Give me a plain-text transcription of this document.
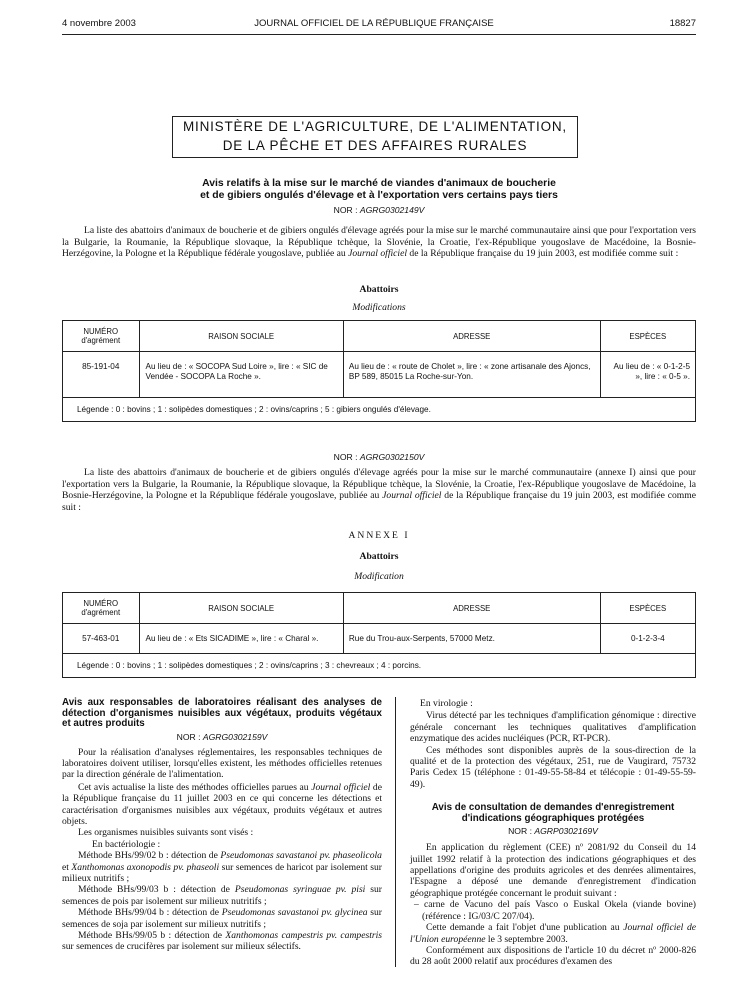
4 novembre 2003	JOURNAL OFFICIEL DE LA RÉPUBLIQUE FRANÇAISE	18827
MINISTÈRE DE L'AGRICULTURE, DE L'ALIMENTATION,
DE LA PÊCHE ET DES AFFAIRES RURALES
Avis relatifs à la mise sur le marché de viandes d'animaux de boucherie
et de gibiers ongulés d'élevage et à l'exportation vers certains pays tiers
NOR : AGRG0302149V
La liste des abattoirs d'animaux de boucherie et de gibiers ongulés d'élevage agréés pour la mise sur le marché communautaire ainsi que pour l'exportation vers la Bulgarie, la Roumanie, la République slovaque, la République tchèque, la Slovénie, la Croatie, l'ex-République yougoslave de Macédoine, la Bosnie-Herzégovine, la Pologne et la République fédérale yougoslave, publiée au Journal officiel de la République française du 19 juin 2003, est modifiée comme suit :
Abattoirs
Modifications
NUMÉRO
d'agrément	RAISON SOCIALE	ADRESSE	ESPÈCES
85-191-04	Au lieu de : « SOCOPA Sud Loire », lire : « SIC de Vendée - SOCOPA La Roche ».	Au lieu de : « route de Cholet », lire : « zone artisanale des Ajoncs, BP 589, 85015 La Roche-sur-Yon.	Au lieu de : « 0-1-2-5 », lire : « 0-5 ».
Légende : 0 : bovins ; 1 : solipèdes domestiques ; 2 : ovins/caprins ; 5 : gibiers ongulés d'élevage.			
NOR : AGRG0302150V
La liste des abattoirs d'animaux de boucherie et de gibiers ongulés d'élevage agréés pour la mise sur le marché communautaire (annexe I) ainsi que pour l'exportation vers la Bulgarie, la Roumanie, la République slovaque, la République tchèque, la Slovénie, la Croatie, l'ex-République yougoslave de Macédoine, la Bosnie-Herzégovine, la Pologne et la République fédérale yougoslave, publiée au Journal officiel de la République française du 19 juin 2003, est modifiée comme suit :
ANNEXE I
Abattoirs
Modification
NUMÉRO
d'agrément	RAISON SOCIALE	ADRESSE	ESPÈCES
57-463-01	Au lieu de : « Ets SICADIME », lire : « Charal ».	Rue du Trou-aux-Serpents, 57000 Metz.	0-1-2-3-4
Légende : 0 : bovins ; 1 : solipèdes domestiques ; 2 : ovins/caprins ; 3 : chevreaux ; 4 : porcins.			
Avis aux responsables de laboratoires réalisant des analyses de détection d'organismes nuisibles aux végétaux, produits végétaux et autres produits
NOR : AGRG0302159V

Pour la réalisation d'analyses réglementaires, les responsables techniques de laboratoires doivent utiliser, lorsqu'elles existent, les méthodes officielles retenues par la direction générale de l'alimentation.

Cet avis actualise la liste des méthodes officielles parues au Journal officiel de la République française du 11 juillet 2003 en ce qui concerne les détections et caractérisation d'organismes nuisibles aux végétaux, produits végétaux et autres objets.

Les organismes nuisibles suivants sont visés :

En bactériologie :

Méthode BHs/99/02 b : détection de Pseudomonas savastanoi pv. phaseolicola et Xanthomonas axonopodis pv. phaseoli sur semences de haricot par isolement sur milieux nutritifs ;

Méthode BHs/99/03 b : détection de Pseudomonas syringuae pv. pisi sur semences de pois par isolement sur milieux nutritifs ;

Méthode BHs/99/04 b : détection de Pseudomonas savastanoi pv. glycinea sur semences de soja par isolement sur milieux nutritifs ;

Méthode BHs/99/05 b : détection de Xanthomonas campestris pv. campestris sur semences de crucifères par isolement sur milieux sélectifs.

En virologie :

Virus détecté par les techniques d'amplification génomique : directive générale concernant les techniques qualitatives d'amplification enzymatique des acides nucléiques (PCR, RT-PCR).

Ces méthodes sont disponibles auprès de la sous-direction de la qualité et de la protection des végétaux, 251, rue de Vaugirard, 75732 Paris Cedex 15 (téléphone : 01-49-55-58-84 et télécopie : 01-49-55-59-49).

Avis de consultation de demandes d'enregistrement d'indications géographiques protégées
NOR : AGRP0302169V

En application du règlement (CEE) nº 2081/92 du Conseil du 14 juillet 1992 relatif à la protection des indications géographiques et des appellations d'origine des produits agricoles et des denrées alimentaires, l'Espagne a déposé une demande d'enregistrement d'indication géographique protégée concernant le produit suivant :

– carne de Vacuno del país Vasco o Euskal Okela (viande bovine) (référence : IG/03/C 207/04).

Cette demande a fait l'objet d'une publication au Journal officiel de l'Union européenne le 3 septembre 2003.

Conformément aux dispositions de l'article 10 du décret nº 2000-826 du 28 août 2000 relatif aux procédures d'examen des
